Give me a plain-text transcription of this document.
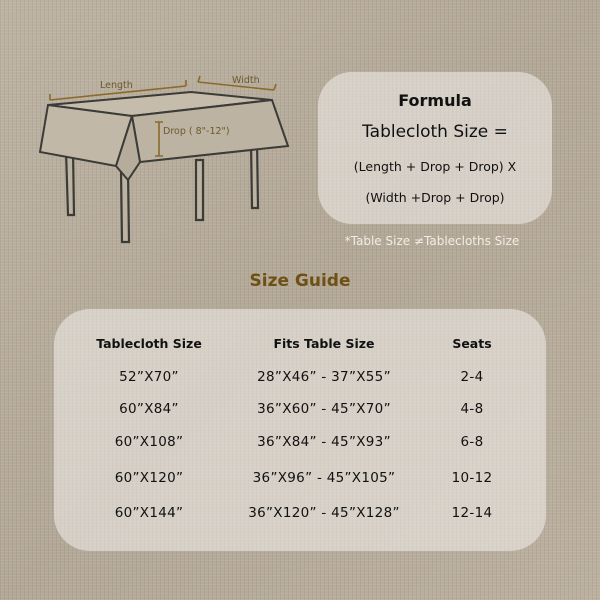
Length	Width
Drop ( 8"-12")
Formula
Tablecloth Size =
(Length + Drop + Drop) X
(Width +Drop + Drop)
*Table Size ≠Tablecloths Size
Size Guide
Tablecloth Size	Fits Table Size	Seats
52”X70”	28”X46” - 37”X55”	2-4
60”X84”	36”X60” - 45”X70”	4-8
60”X108”	36”X84” - 45”X93”	6-8
60”X120”	36”X96” - 45”X105”	10-12
60”X144”	36”X120” - 45”X128”	12-14
